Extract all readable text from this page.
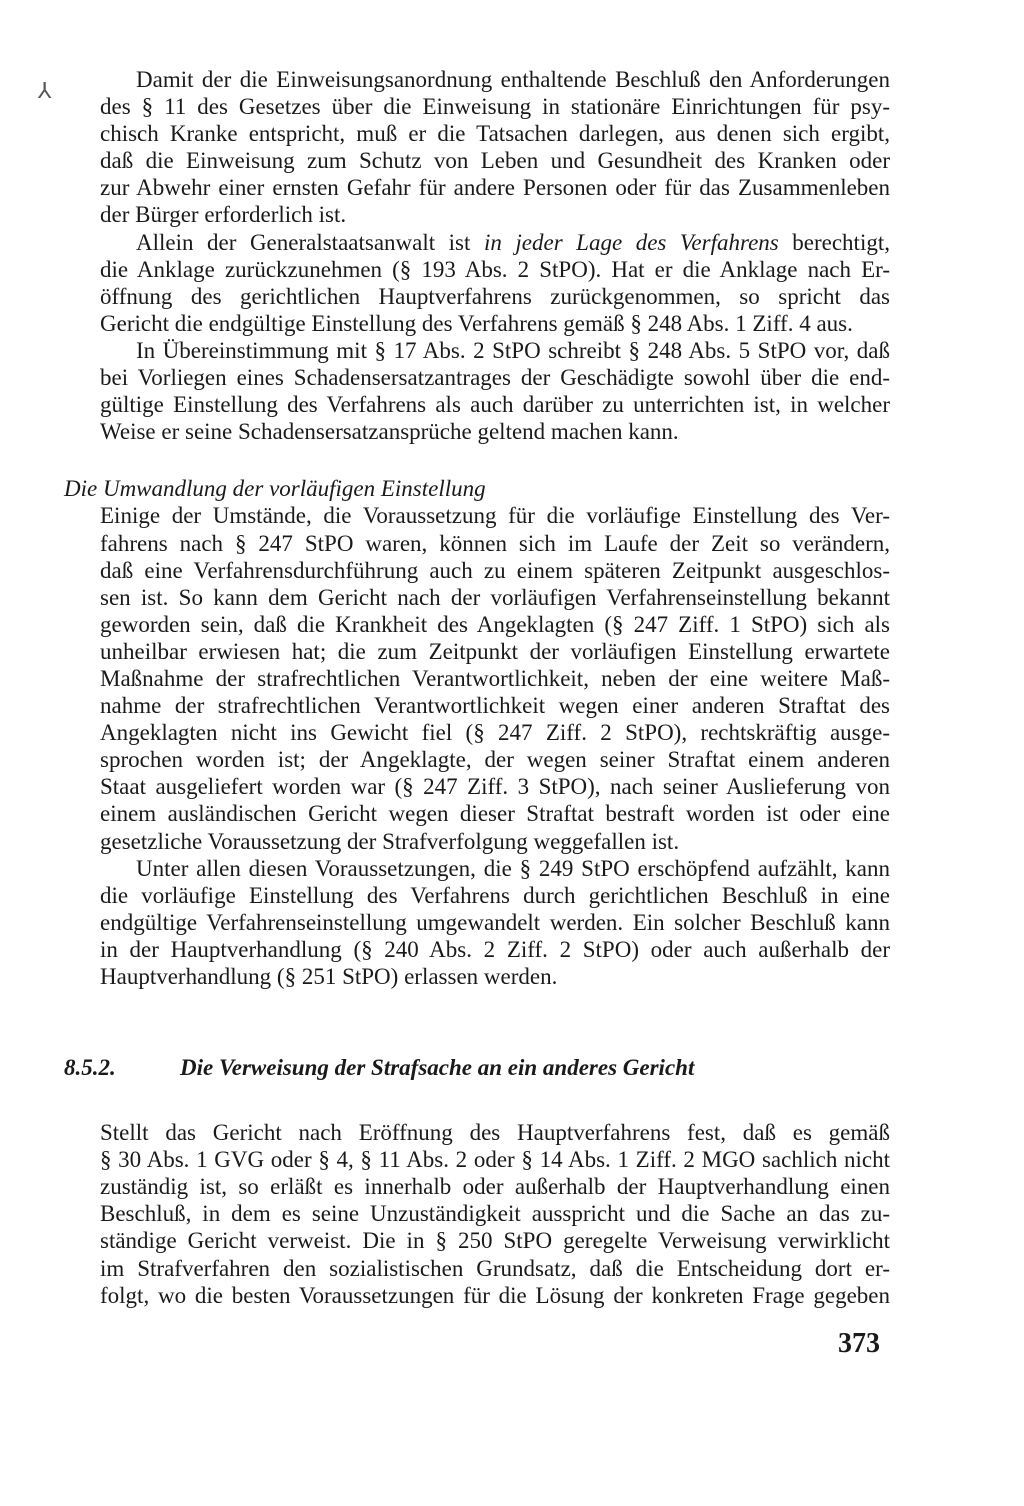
⅄	Damit der die Einweisungsanordnung enthaltende Beschluß den Anforderungen
des § 11 des Gesetzes über die Einweisung in stationäre Einrichtungen für psy-
chisch Kranke entspricht, muß er die Tatsachen darlegen, aus denen sich ergibt,
daß die Einweisung zum Schutz von Leben und Gesundheit des Kranken oder
zur Abwehr einer ernsten Gefahr für andere Personen oder für das Zusammenleben
der Bürger erforderlich ist.
Allein der Generalstaatsanwalt ist in jeder Lage des Verfahrens berechtigt,
die Anklage zurückzunehmen (§ 193 Abs. 2 StPO). Hat er die Anklage nach Er-
öffnung des gerichtlichen Hauptverfahrens zurückgenommen, so spricht das
Gericht die endgültige Einstellung des Verfahrens gemäß § 248 Abs. 1 Ziff. 4 aus.
In Übereinstimmung mit § 17 Abs. 2 StPO schreibt § 248 Abs. 5 StPO vor, daß
bei Vorliegen eines Schadensersatzantrages der Geschädigte sowohl über die end-
gültige Einstellung des Verfahrens als auch darüber zu unterrichten ist, in welcher
Weise er seine Schadensersatzansprüche geltend machen kann.
Die Umwandlung der vorläufigen Einstellung
Einige der Umstände, die Voraussetzung für die vorläufige Einstellung des Ver-
fahrens nach § 247 StPO waren, können sich im Laufe der Zeit so verändern,
daß eine Verfahrensdurchführung auch zu einem späteren Zeitpunkt ausgeschlos-
sen ist. So kann dem Gericht nach der vorläufigen Verfahrenseinstellung bekannt
geworden sein, daß die Krankheit des Angeklagten (§ 247 Ziff. 1 StPO) sich als
unheilbar erwiesen hat; die zum Zeitpunkt der vorläufigen Einstellung erwartete
Maßnahme der strafrechtlichen Verantwortlichkeit, neben der eine weitere Maß-
nahme der strafrechtlichen Verantwortlichkeit wegen einer anderen Straftat des
Angeklagten nicht ins Gewicht fiel (§ 247 Ziff. 2 StPO), rechtskräftig ausge-
sprochen worden ist; der Angeklagte, der wegen seiner Straftat einem anderen
Staat ausgeliefert worden war (§ 247 Ziff. 3 StPO), nach seiner Auslieferung von
einem ausländischen Gericht wegen dieser Straftat bestraft worden ist oder eine
gesetzliche Voraussetzung der Strafverfolgung weggefallen ist.
Unter allen diesen Voraussetzungen, die § 249 StPO erschöpfend aufzählt, kann
die vorläufige Einstellung des Verfahrens durch gerichtlichen Beschluß in eine
endgültige Verfahrenseinstellung umgewandelt werden. Ein solcher Beschluß kann
in der Hauptverhandlung (§ 240 Abs. 2 Ziff. 2 StPO) oder auch außerhalb der
Hauptverhandlung (§ 251 StPO) erlassen werden.
8.5.2.	Die Verweisung der Strafsache an ein anderes Gericht
Stellt das Gericht nach Eröffnung des Hauptverfahrens fest, daß es gemäß
§ 30 Abs. 1 GVG oder § 4, § 11 Abs. 2 oder § 14 Abs. 1 Ziff. 2 MGO sachlich nicht
zuständig ist, so erläßt es innerhalb oder außerhalb der Hauptverhandlung einen
Beschluß, in dem es seine Unzuständigkeit ausspricht und die Sache an das zu-
ständige Gericht verweist. Die in § 250 StPO geregelte Verweisung verwirklicht
im Strafverfahren den sozialistischen Grundsatz, daß die Entscheidung dort er-
folgt, wo die besten Voraussetzungen für die Lösung der konkreten Frage gegeben
373
